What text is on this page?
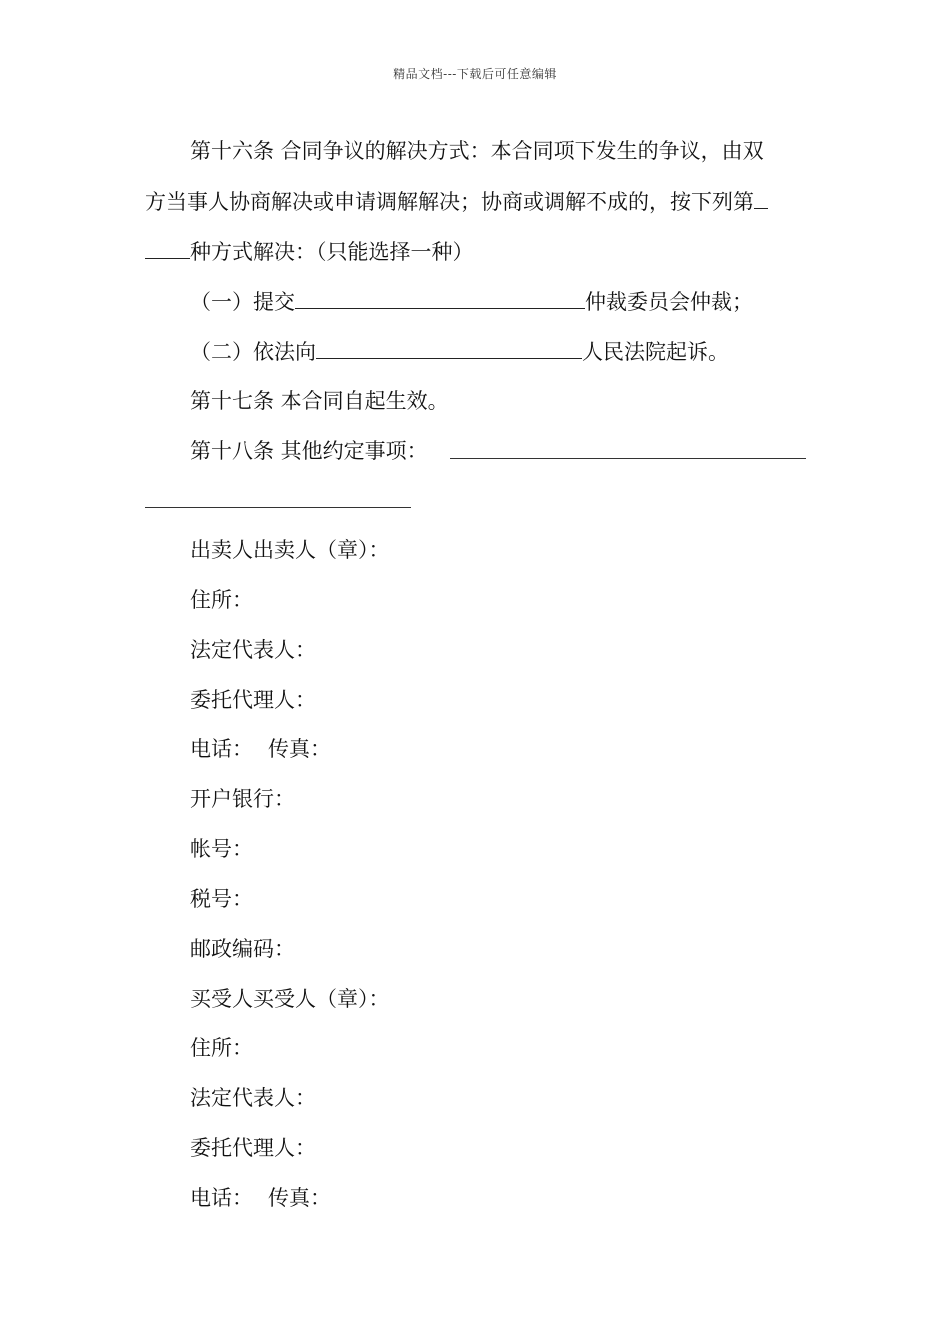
精品文档---下载后可任意编辑
第十六条 合同争议的解决方式：本合同项下发生的争议，由双
方当事人协商解决或申请调解解决；协商或调解不成的，按下列第
种方式解决：（只能选择一种）
（一）提交	仲裁委员会仲裁；
（二）依法向	人民法院起诉。
第十七条 本合同自起生效。
第十八条 其他约定事项：
出卖人出卖人（章）：
住所：
法定代表人：
委托代理人：
电话： 传真：
开户银行：
帐号：
税号：
邮政编码：
买受人买受人（章）：
住所：
法定代表人：
委托代理人：
电话： 传真：
